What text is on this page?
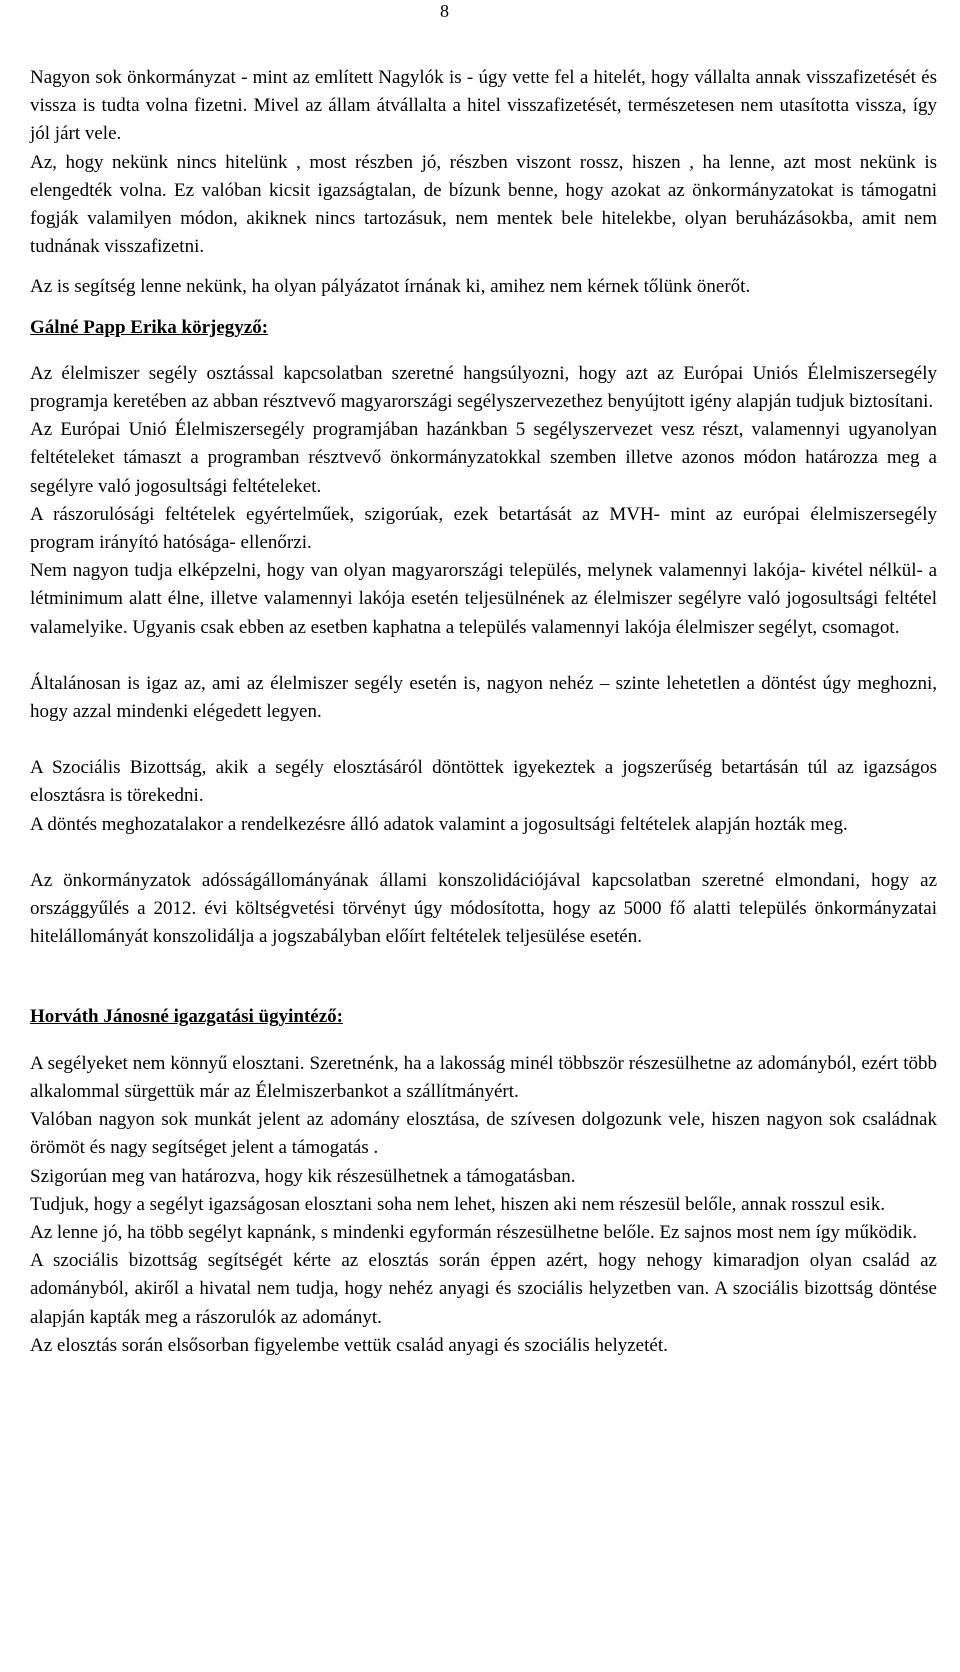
8

Nagyon sok önkormányzat - mint az említett Nagylók is - úgy vette fel a hitelét, hogy vállalta annak visszafizetését és vissza is tudta volna fizetni. Mivel az állam átvállalta a hitel visszafizetését, természetesen nem utasította vissza, így jól járt vele.

Az, hogy nekünk nincs hitelünk , most részben jó, részben viszont rossz, hiszen , ha lenne, azt most nekünk is elengedték volna. Ez valóban kicsit igazságtalan, de bízunk benne, hogy azokat az önkormányzatokat is támogatni fogják valamilyen módon, akiknek nincs tartozásuk, nem mentek bele hitelekbe, olyan beruházásokba, amit nem tudnának visszafizetni.

Az is segítség lenne nekünk, ha olyan pályázatot írnának ki, amihez nem kérnek tőlünk önerőt.

Gálné Papp Erika körjegyző:

Az élelmiszer segély osztással kapcsolatban szeretné hangsúlyozni, hogy azt az Európai Uniós Élelmiszersegély programja keretében az abban résztvevő magyarországi segélyszervezethez benyújtott igény alapján tudjuk biztosítani.

Az Európai Unió Élelmiszersegély programjában hazánkban 5 segélyszervezet vesz részt, valamennyi ugyanolyan feltételeket támaszt a programban résztvevő önkormányzatokkal szemben illetve azonos módon határozza meg a segélyre való jogosultsági feltételeket.

A rászorulósági feltételek egyértelműek, szigorúak, ezek betartását az MVH- mint az európai élelmiszersegély program irányító hatósága- ellenőrzi.

Nem nagyon tudja elképzelni, hogy van olyan magyarországi település, melynek valamennyi lakója- kivétel nélkül- a létminimum alatt élne, illetve valamennyi lakója esetén teljesülnének az élelmiszer segélyre való jogosultsági feltétel valamelyike. Ugyanis csak ebben az esetben kaphatna a település valamennyi lakója élelmiszer segélyt, csomagot.

Általánosan is igaz az, ami az élelmiszer segély esetén is, nagyon nehéz – szinte lehetetlen a döntést úgy meghozni, hogy azzal mindenki elégedett legyen.

A Szociális Bizottság, akik a segély elosztásáról döntöttek igyekeztek a jogszerűség betartásán túl az igazságos elosztásra is törekedni.

A döntés meghozatalakor a rendelkezésre álló adatok valamint a jogosultsági feltételek alapján hozták meg.

Az önkormányzatok adósságállományának állami konszolidációjával kapcsolatban szeretné elmondani, hogy az országgyűlés a 2012. évi költségvetési törvényt úgy módosította, hogy az 5000 fő alatti település önkormányzatai hitelállományát konszolidálja a jogszabályban előírt feltételek teljesülése esetén.

Horváth Jánosné igazgatási ügyintéző:

A segélyeket nem könnyű elosztani. Szeretnénk, ha a lakosság minél többször részesülhetne az adományból, ezért több alkalommal sürgettük már az Élelmiszerbankot a szállítmányért.

Valóban nagyon sok munkát jelent az adomány elosztása, de szívesen dolgozunk vele, hiszen nagyon sok családnak örömöt és nagy segítséget jelent a támogatás .

Szigorúan meg van határozva, hogy kik részesülhetnek a támogatásban.

Tudjuk, hogy a segélyt igazságosan elosztani soha nem lehet, hiszen aki nem részesül belőle, annak rosszul esik.

Az lenne jó, ha több segélyt kapnánk, s mindenki egyformán részesülhetne belőle. Ez sajnos most nem így működik.

A szociális bizottság segítségét kérte az elosztás során éppen azért, hogy nehogy kimaradjon olyan család az adományból, akiről a hivatal nem tudja, hogy nehéz anyagi és szociális helyzetben van. A szociális bizottság döntése alapján kapták meg a rászorulók az adományt.

Az elosztás során elsősorban figyelembe vettük család anyagi és szociális helyzetét.
